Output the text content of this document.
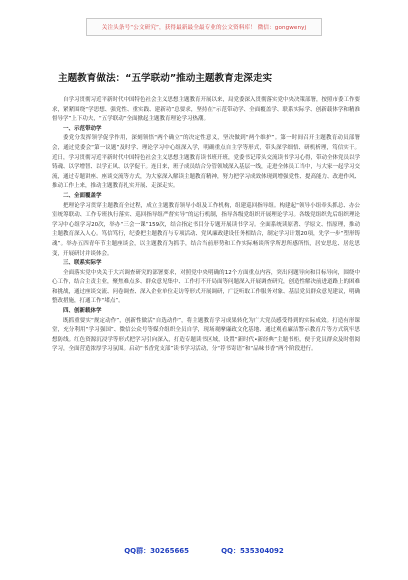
关注头条号“公文研究”，获得最新最全最专业的公文资料库！ 微信：gongwenyj
主题教育做法：“五学联动”推动主题教育走深走实

自学习贯彻习近平新时代中国特色社会主义思想主题教育开展以来，局党委深入贯彻落实党中央决策部署，按照市委工作要求，紧紧围绕“学思想、强党性、重实践、建新功”总要求，坚持在“示范带动学、全面覆盖学、联系实际学、创新载体学和精准督导学”上下功夫，“五学联动”全面掀起主题教育理论学习热潮。

一、示范带动学

委党分发挥领学促学作用，深刻领悟“两个确立”的决定性意义，坚决做到“两个维护”。第一时间召开主题教育动员部署会，通过党委会“第一议题”及时学、理论学习中心组深入学，明确重点自主学等形式，带头深学细悟、研机析理，笃信实干。近日，学习贯彻习近平新时代中国特色社会主义思想主题教育读书班开班，党委书记带头交流读书学习心得，带动全体党员以学铸魂、以学增智、以学正风、以学促干。连日来，班子成员结合分管领域深入基层一线，走进全体员工当中，与大家一起学习交流，通过专题讲座、座谈交流等方式，为大家深入解读主题教育精神，努力把学习成效体现到增强党性、提高能力、改进作风、推动工作上来，推动主题教育扎实开展、走深走实。

二、全面覆盖学

把理论学习贯穿主题教育全过程，成立主题教育领导小组及工作机构，组建巡回指导组。构建起“领导小组牵头抓总、办公室统筹联动、工作专班执行落实、巡回指导组严督实导”的运行机制，指导各级党组织开展理论学习。各级党组织先后组织理论学习中心组学习20次，举办“三会一课”159次，结合指定书目分专题开展读书学习。全面系统读原著、学原文、悟原理，推动主题教育深入人心。笃信笃行，纪委把主题教育与专项活动、党风廉政建设任务相结合，制定学习计划20项，先学一步“塑形铸魂”。举办五四青年节主题座谈会，以主题教育为抓手，结合当前形势和工作实际畅谈所学所思所感所悟，居安思危、居危思变，开展研讨并谈体会。

三、联系实际学

全面落实党中央关于大兴调查研究的部署要求，对照党中央明确的12个方面重点内容，突出问题导向和目标导向，围绕中心工作，结合主责主业，聚焦难点多、群众意见集中、工作打不开局面等问题深入开展调查研究，创造性解决前进道路上的困难和挑战，通过座谈交流、问卷调查、深入企业单位走访等形式开展调研，广泛听取工作服务对象、基层党员群众意见建议，明确整改措施，打通工作“堵点”。

四、创新载体学

既抓重要实“规定动作”，创新性做活“自选动作”，将主题教育学习成果转化为广大党员感受得到的实际成效。打造有形课堂，充分利用“学习强国”、微信公众号等媒介组织全员自学，现场观摩廉政文化基地、通过观看廉洁警示教育片等方式筑牢思想防线。红色资源沉浸学等形式把学习引向深入，打造专题读书区域，设置“新时代•新经典”主题书柜，便于党员群众及时借阅学习，全面营造浓厚学习氛围。启动“书香党支部”读书学习活动，分“荐书寄语”和“品味书香”两个阶段进行。

QQ群：30265665	QQ：535304092
